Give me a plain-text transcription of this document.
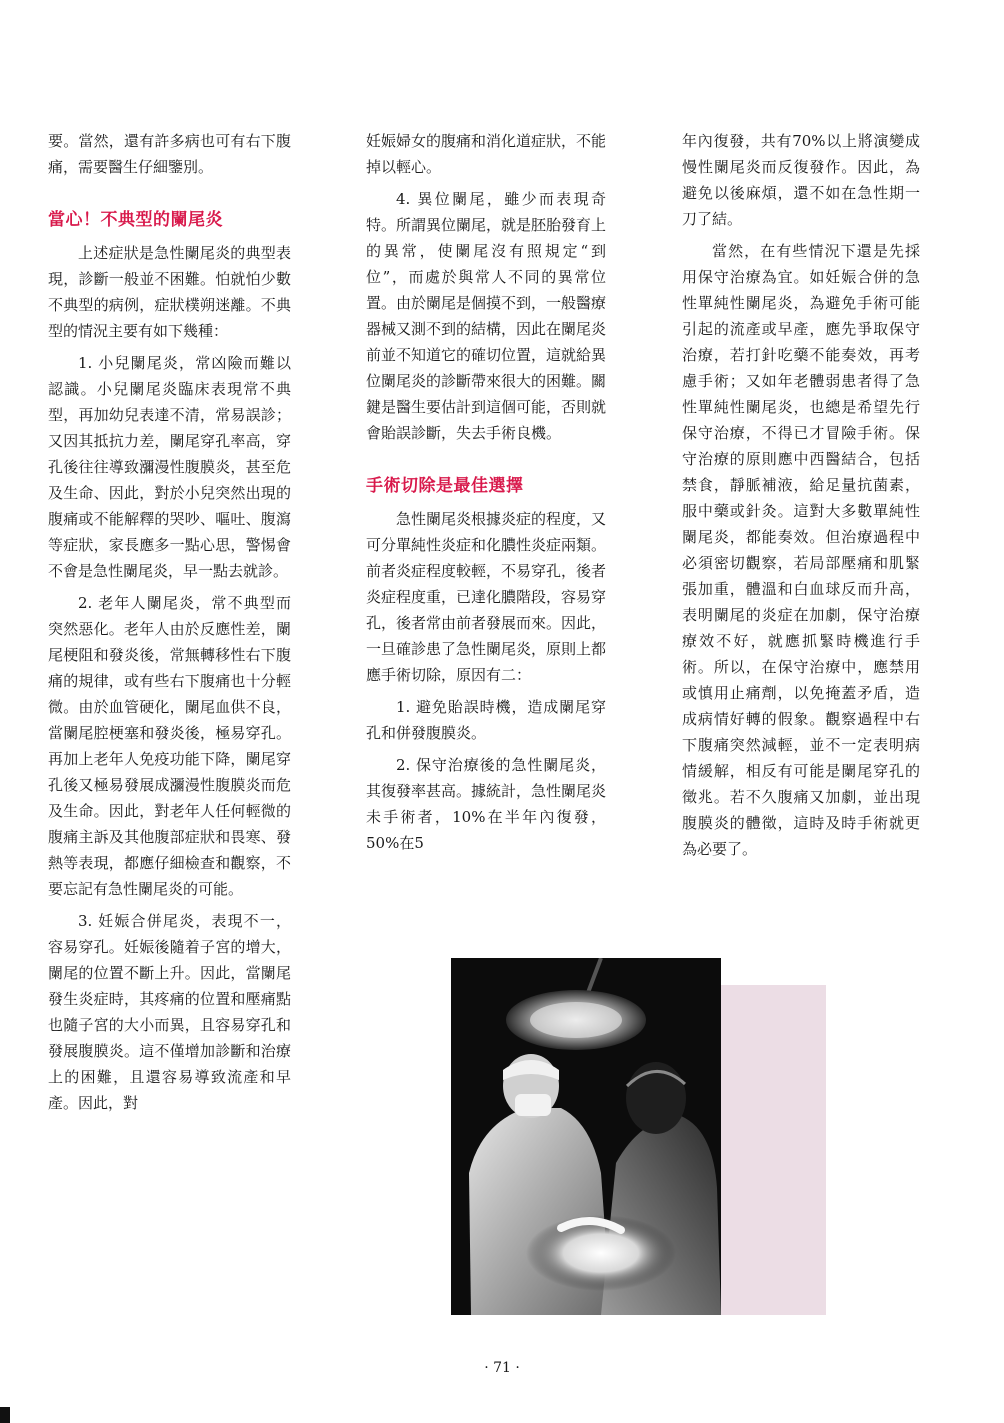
要。當然，還有許多病也可有右下腹痛，需要醫生仔細鑒別。

當心！不典型的闌尾炎

上述症狀是急性闌尾炎的典型表現，診斷一般並不困難。怕就怕少數不典型的病例，症狀樸朔迷離。不典型的情況主要有如下幾種：

1. 小兒闌尾炎，常凶險而難以認識。小兒闌尾炎臨床表現常不典型，再加幼兒表達不清，常易誤診；又因其抵抗力差，闌尾穿孔率高，穿孔後往往導致瀰漫性腹膜炎，甚至危及生命、因此，對於小兒突然出現的腹痛或不能解釋的哭吵、嘔吐、腹瀉等症狀，家長應多一點心思，警惕會不會是急性闌尾炎，早一點去就診。

2. 老年人闌尾炎，常不典型而突然惡化。老年人由於反應性差，闌尾梗阻和發炎後，常無轉移性右下腹痛的規律，或有些右下腹痛也十分輕微。由於血管硬化，闌尾血供不良，當闌尾腔梗塞和發炎後，極易穿孔。再加上老年人免疫功能下降，闌尾穿孔後又極易發展成瀰漫性腹膜炎而危及生命。因此，對老年人任何輕微的腹痛主訴及其他腹部症狀和畏寒、發熱等表現，都應仔細檢查和觀察，不要忘記有急性闌尾炎的可能。

3. 妊娠合併尾炎，表現不一，容易穿孔。妊娠後隨着子宮的增大，闌尾的位置不斷上升。因此，當闌尾發生炎症時，其疼痛的位置和壓痛點也隨子宮的大小而異，且容易穿孔和發展腹膜炎。這不僅增加診斷和治療上的困難，且還容易導致流產和早產。因此，對

妊娠婦女的腹痛和消化道症狀，不能掉以輕心。

4. 異位闌尾，雖少而表現奇特。所謂異位闌尾，就是胚胎發育上的異常，使闌尾沒有照規定“到位”，而處於與常人不同的異常位置。由於闌尾是個摸不到，一般醫療器械又測不到的結構，因此在闌尾炎前並不知道它的確切位置，這就給異位闌尾炎的診斷帶來很大的困難。關鍵是醫生要估計到這個可能，否則就會貽誤診斷，失去手術良機。

手術切除是最佳選擇

急性闌尾炎根據炎症的程度，又可分單純性炎症和化膿性炎症兩類。前者炎症程度較輕，不易穿孔，後者炎症程度重，已達化膿階段，容易穿孔，後者常由前者發展而來。因此，一旦確診患了急性闌尾炎，原則上都應手術切除，原因有二：

1. 避免貽誤時機，造成闌尾穿孔和併發腹膜炎。

2. 保守治療後的急性闌尾炎，其復發率甚高。據統計，急性闌尾炎未手術者，10%在半年內復發，50%在5

年內復發，共有70%以上將演變成慢性闌尾炎而反復發作。因此，為避免以後麻煩，還不如在急性期一刀了結。

當然，在有些情況下還是先採用保守治療為宜。如妊娠合併的急性單純性闌尾炎，為避免手術可能引起的流產或早產，應先爭取保守治療，若打針吃藥不能奏效，再考慮手術；又如年老體弱患者得了急性單純性闌尾炎，也總是希望先行保守治療，不得已才冒險手術。保守治療的原則應中西醫結合，包括禁食，靜脈補液，給足量抗菌素，服中藥或針灸。這對大多數單純性闌尾炎，都能奏效。但治療過程中必須密切觀察，若局部壓痛和肌緊張加重，體溫和白血球反而升高，表明闌尾的炎症在加劇，保守治療療效不好，就應抓緊時機進行手術。所以，在保守治療中，應禁用或慎用止痛劑，以免掩蓋矛盾，造成病情好轉的假象。觀察過程中右下腹痛突然減輕，並不一定表明病情緩解，相反有可能是闌尾穿孔的徵兆。若不久腹痛又加劇，並出現腹膜炎的體徵，這時及時手術就更為必要了。

· 71 ·
